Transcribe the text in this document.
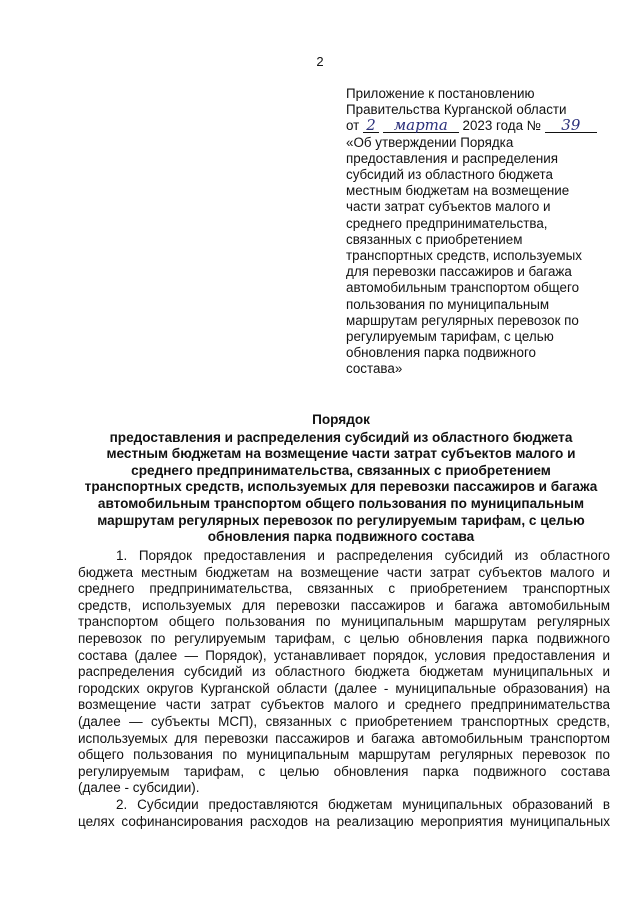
2
Приложение к постановлению
Правительства Курганской области
от 2 марта 2023 года № 39
«Об утверждении Порядка
предоставления и распределения
субсидий из областного бюджета
местным бюджетам на возмещение
части затрат субъектов малого и
среднего предпринимательства,
связанных с приобретением
транспортных средств, используемых
для перевозки пассажиров и багажа
автомобильным транспортом общего
пользования по муниципальным
маршрутам регулярных перевозок по
регулируемым тарифам, с целью
обновления парка подвижного
состава»
Порядок
предоставления и распределения субсидий из областного бюджета
местным бюджетам на возмещение части затрат субъектов малого и
среднего предпринимательства, связанных с приобретением
транспортных средств, используемых для перевозки пассажиров и багажа
автомобильным транспортом общего пользования по муниципальным
маршрутам регулярных перевозок по регулируемым тарифам, с целью
обновления парка подвижного состава
1. Порядок предоставления и распределения субсидий из областного
бюджета местным бюджетам на возмещение части затрат субъектов малого и
среднего предпринимательства, связанных с приобретением транспортных
средств, используемых для перевозки пассажиров и багажа автомобильным
транспортом общего пользования по муниципальным маршрутам регулярных
перевозок по регулируемым тарифам, с целью обновления парка подвижного
состава (далее — Порядок), устанавливает порядок, условия предоставления и
распределения субсидий из областного бюджета бюджетам муниципальных и
городских округов Курганской области (далее - муниципальные образования) на
возмещение части затрат субъектов малого и среднего предпринимательства
(далее — субъекты МСП), связанных с приобретением транспортных средств,
используемых для перевозки пассажиров и багажа автомобильным транспортом
общего пользования по муниципальным маршрутам регулярных перевозок по
регулируемым тарифам, с целью обновления парка подвижного состава
(далее - субсидии).
2. Субсидии предоставляются бюджетам муниципальных образований в
целях софинансирования расходов на реализацию мероприятия муниципальных
